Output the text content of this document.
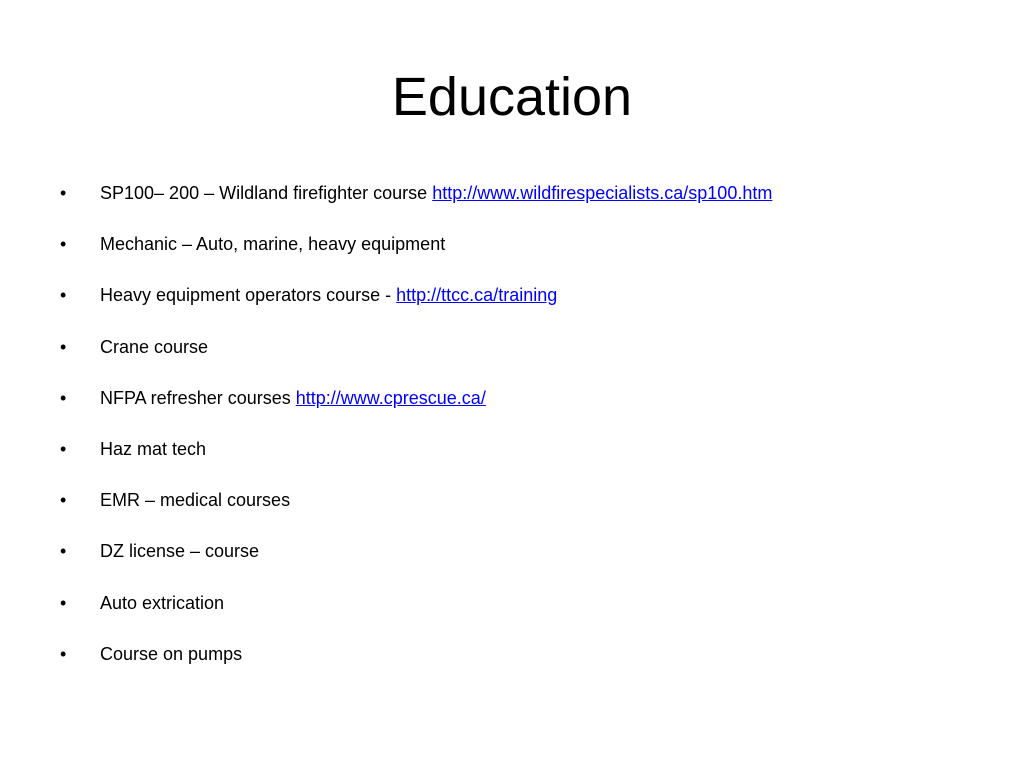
Education
•	SP100– 200 – Wildland firefighter course http://www.wildfirespecialists.ca/sp100.htm
•	Mechanic – Auto, marine, heavy equipment
•	Heavy equipment operators course - http://ttcc.ca/training
•	Crane course
•	NFPA refresher courses http://www.cprescue.ca/
•	Haz mat tech
•	EMR – medical courses
•	DZ license – course
•	Auto extrication
•	Course on pumps
